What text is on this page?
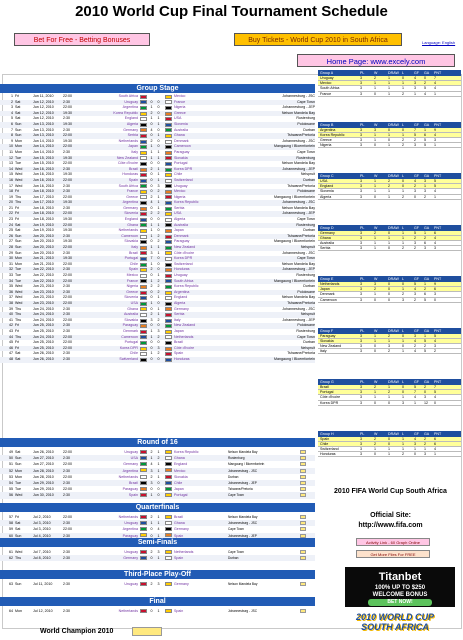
2010 World Cup Final Tournament Schedule
Bet For Free - Betting Bonuses	Buy Tickets - World Cup 2010 in South Africa	Language: English
Home Page: www.excely.com
Group Stage
1 Fri	Jun 11, 2010	22:00	South Africa	Mexico	Johannesburg - JSC
2 Sat	Jun 12, 2010	2:30	Uruguay	0	0	France	Cape Town
3 Sat	Jun 12, 2010	22:00	Argentina	1	0	Nigeria	Johannesburg - JEP
4 Sat	Jun 12, 2010	19:30	Korea Republic	2	0	Greece	Nelson Mandela Bay
5 Sat	Jun 12, 2010	2:30	England	1	1	USA	Rustenburg
6 Sun	Jun 13, 2010	19:30	Algeria	0	1	Slovenia	Polokwane
7 Sun	Jun 13, 2010	2:30	Germany	4	0	Australia	Durban
8 Sun	Jun 13, 2010	22:00	Serbia	0	1	Ghana	Tshwane/Pretoria
9 Mon	Jun 14, 2010	19:30	Netherlands	2	0	Denmark	Johannesburg - JSC
10 Mon	Jun 14, 2010	22:00	Japan	1	0	Cameroon	Mangaung / Bloemfontein
11 Mon	Jun 14, 2010	2:30	Italy	1	1	Paraguay	Cape Town
12 Tue	Jun 15, 2010	19:30	New Zealand	1	1	Slovakia	Rustenburg
13 Tue	Jun 15, 2010	22:00	Côte d'Ivoire	0	0	Portugal	Nelson Mandela Bay
14 Wed	Jun 16, 2010	2:30	Brazil	2	1	Korea DPR	Johannesburg - JEP
15 Wed	Jun 16, 2010	19:30	Honduras	0	1	Chile	Nelspruit
16 Wed	Jun 16, 2010	22:00	Spain	0	1	Switzerland	Durban
17 Wed	Jun 16, 2010	2:30	South Africa	0	3	Uruguay	Tshwane/Pretoria
18 Fri	Jun 18, 2010	2:30	France	0	2	Mexico	Polokwane
19 Thu	Jun 17, 2010	22:00	Greece	2	1	Nigeria	Mangaung / Bloemfontein
20 Thu	Jun 17, 2010	19:30	Argentina	4	1	Korea Republic	Johannesburg - JSC
21 Fri	Jun 18, 2010	2:30	Germany	0	1	Serbia	Nelson Mandela Bay
22 Fri	Jun 18, 2010	22:00	Slovenia	2	2	USA	Johannesburg - JEP
23 Fri	Jun 18, 2010	19:30	England	0	0	Algeria	Cape Town
24 Sat	Jun 19, 2010	22:00	Ghana	1	1	Australia	Rustenburg
25 Sat	Jun 19, 2010	19:30	Netherlands	1	0	Japan	Durban
26 Sun	Jun 20, 2010	2:30	Cameroon	1	2	Denmark	Tshwane/Pretoria
27 Sun	Jun 20, 2010	19:30	Slovakia	0	2	Paraguay	Mangaung / Bloemfontein
28 Sun	Jun 20, 2010	22:00	Italy	1	1	New Zealand	Nelspruit
29 Sun	Jun 20, 2010	2:30	Brazil	3	1	Côte d'Ivoire	Johannesburg - JSC
30 Mon	Jun 21, 2010	19:30	Portugal	7	0	Korea DPR	Cape Town
31 Mon	Jun 21, 2010	22:00	Chile	1	0	Switzerland	Nelson Mandela Bay
32 Tue	Jun 22, 2010	2:30	Spain	2	0	Honduras	Johannesburg - JEP
33 Tue	Jun 22, 2010	22:00	Mexico	0	1	Uruguay	Rustenburg
34 Tue	Jun 22, 2010	22:00	France	1	2	South Africa	Mangaung / Bloemfontein
35 Wed	Jun 23, 2010	2:30	Nigeria	2	2	Korea Republic	Durban
36 Wed	Jun 23, 2010	2:30	Greece	0	2	Argentina	Polokwane
37 Wed	Jun 23, 2010	22:00	Slovenia	0	1	England	Nelson Mandela Bay
38 Wed	Jun 23, 2010	22:00	USA	1	0	Algeria	Tshwane/Pretoria
39 Thu	Jun 24, 2010	2:30	Ghana	0	1	Germany	Johannesburg - JSC
40 Thu	Jun 24, 2010	2:30	Australia	2	1	Serbia	Nelspruit
41 Thu	Jun 24, 2010	22:00	Slovakia	3	2	Italy	Johannesburg - JEP
42 Fri	Jun 25, 2010	2:30	Paraguay	0	0	New Zealand	Polokwane
43 Fri	Jun 25, 2010	2:30	Denmark	1	3	Japan	Rustenburg
44 Thu	Jun 24, 2010	22:00	Cameroon	1	2	Netherlands	Cape Town
45 Fri	Jun 25, 2010	22:00	Portugal	0	0	Brazil	Durban
46 Fri	Jun 25, 2010	22:00	Korea DPR	0	3	Côte d'Ivoire	Nelspruit
47 Sat	Jun 26, 2010	2:30	Chile	1	2	Spain	Tshwane/Pretoria
48 Sat	Jun 26, 2010	2:30	Switzerland	0	0	Honduras	Mangaung / Bloemfontein
Round of 16
49 Sat	Jun 26, 2010	22:00	Uruguay	2	1	Korea Republic	Nelson Mandela Bay
50 Sun	Jun 27, 2010	2:30	USA	1	2	Ghana	Rustenburg
51 Sun	Jun 27, 2010	22:00	Germany	4	1	England	Mangaung / Bloemfontein
52 Mon	Jun 28, 2010	2:30	Argentina	3	1	Mexico	Johannesburg - JSC
53 Mon	Jun 28, 2010	22:00	Netherlands	2	1	Slovakia	Durban
54 Tue	Jun 29, 2010	2:30	Brazil	3	0	Chile	Johannesburg - JEP
55 Tue	Jun 29, 2010	22:00	Paraguay	0	0	Japan	Tshwane/Pretoria
56 Wed	Jun 30, 2010	2:30	Spain	1	0	Portugal	Cape Town
Quarterfinals
57 Fri	Jul 2, 2010	22:00	Netherlands	2	1	Brazil	Nelson Mandela Bay
58 Sat	Jul 3, 2010	2:30	Uruguay	1	1	Ghana	Johannesburg - JSC
59 Sat	Jul 3, 2010	22:00	Argentina	0	4	Germany	Cape Town
60 Sun	Jul 4, 2010	2:30	Paraguay	0	1	Spain	Johannesburg - JEP
Semi-Finals
61 Wed	Jul 7, 2010	2:30	Uruguay	2	3	Netherlands	Cape Town
62 Thu	Jul 8, 2010	2:30	Germany	0	1	Spain	Durban
Third-Place Play-Off
63 Sun	Jul 11, 2010	2:30	Uruguay	2	3	Germany	Nelson Mandela Bay
Final
64 Mon	Jul 12, 2010	2:30	Netherlands	0	1	Spain	Johannesburg - JSC
Group A	PL	W	DRAW L	GF GA PNT
Uruguay	3	2	1	0	4 0 7
Mexico	3	1	1	1	3 2 4
South Africa	3	1	1	1	3 5 4
France	3	0	1	2	1 4 1
Group B	PL	W	DRAW L	GF GA PNT
Argentina	3	3	0	0	7 1 9
Korea Republic	3	1	1	1	5 6 4
Greece	3	1	0	2	2 5 3
Nigeria	3	0	1	2	3 5 1
Group C	PL	W	DRAW L	GF GA PNT
USA	3	1	2	0	4 3 5
England	3	1	2	0	2 1 5
Slovenia	3	1	1	1	3 3 4
Algeria	3	0	1	2	0 2 1
Group D	PL	W	DRAW L	GF GA PNT
Germany	3	2	0	1	5 1 6
Ghana	3	1	1	1	2 2 4
Australia	3	1	1	1	3 6 4
Serbia	3	1	0	2	2 3 3
Group E	PL	W	DRAW L	GF GA PNT
Netherlands	3	3	0	0	5 1 9
Japan	3	2	0	1	4 2 6
Denmark	3	1	0	2	3 6 3
Cameroon	3	0	0	3	2 5 0
Group F	PL	W	DRAW L	GF GA PNT
Paraguay	3	1	2	0	3 1 5
Slovakia	3	1	1	1	4 5 4
New Zealand	3	0	3	0	2 2 3
Italy	3	0	2	1	4 5 2
Group G	PL	W	DRAW L	GF GA PNT
Brazil	3	2	1	0	5 2 7
Portugal	3	1	2	0	7 0 5
Côte d'Ivoire	3	1	1	1	4 3 4
Korea DPR	3	0	0	3	1 12 0
Group H	PL	W	DRAW L	GF GA PNT
Spain	3	2	0	1	4 2 6
Chile	3	2	0	1	3 2 6
Switzerland	3	1	1	1	1 1 4
Honduras	3	0	1	2	0 3 1
2010 FIFA World Cup South Africa
Official Site:
http://www.fifa.com
Activity Link - 60 Graph Online
Get More Files For FREE
Titanbet
100% UP TO $250
WELCOME BONUS
BET NOW!
2010 WORLD CUP
SOUTH AFRICA
World Champion 2010
